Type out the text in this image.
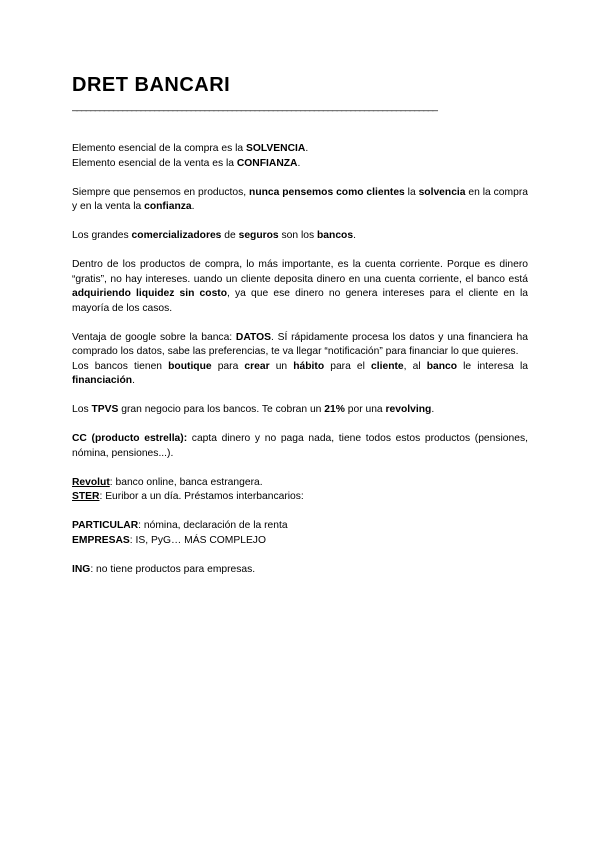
DRET BANCARI
________________________________________________________________________________

Elemento esencial de la compra es la SOLVENCIA.

Elemento esencial de la venta es la CONFIANZA.

Siempre que pensemos en productos, nunca pensemos como clientes la solvencia en la compra y en la venta la confianza.

Los grandes comercializadores de seguros son los bancos.

Dentro de los productos de compra, lo más importante, es la cuenta corriente. Porque es dinero “gratis”, no hay intereses. uando un cliente deposita dinero en una cuenta corriente, el banco está adquiriendo liquidez sin costo, ya que ese dinero no genera intereses para el cliente en la mayoría de los casos.

Ventaja de google sobre la banca: DATOS. SÍ rápidamente procesa los datos y una financiera ha comprado los datos, sabe las preferencias, te va llegar “notificación” para financiar lo que quieres.

Los bancos tienen boutique para crear un hábito para el cliente, al banco le interesa la financiación.

Los TPVS gran negocio para los bancos. Te cobran un 21% por una revolving.

CC (producto estrella): capta dinero y no paga nada, tiene todos estos productos (pensiones, nómina, pensiones...).

Revolut: banco online, banca estrangera.

STER: Euribor a un día. Préstamos interbancarios:

PARTICULAR: nómina, declaración de la renta

EMPRESAS: IS, PyG… MÁS COMPLEJO

ING: no tiene productos para empresas.
